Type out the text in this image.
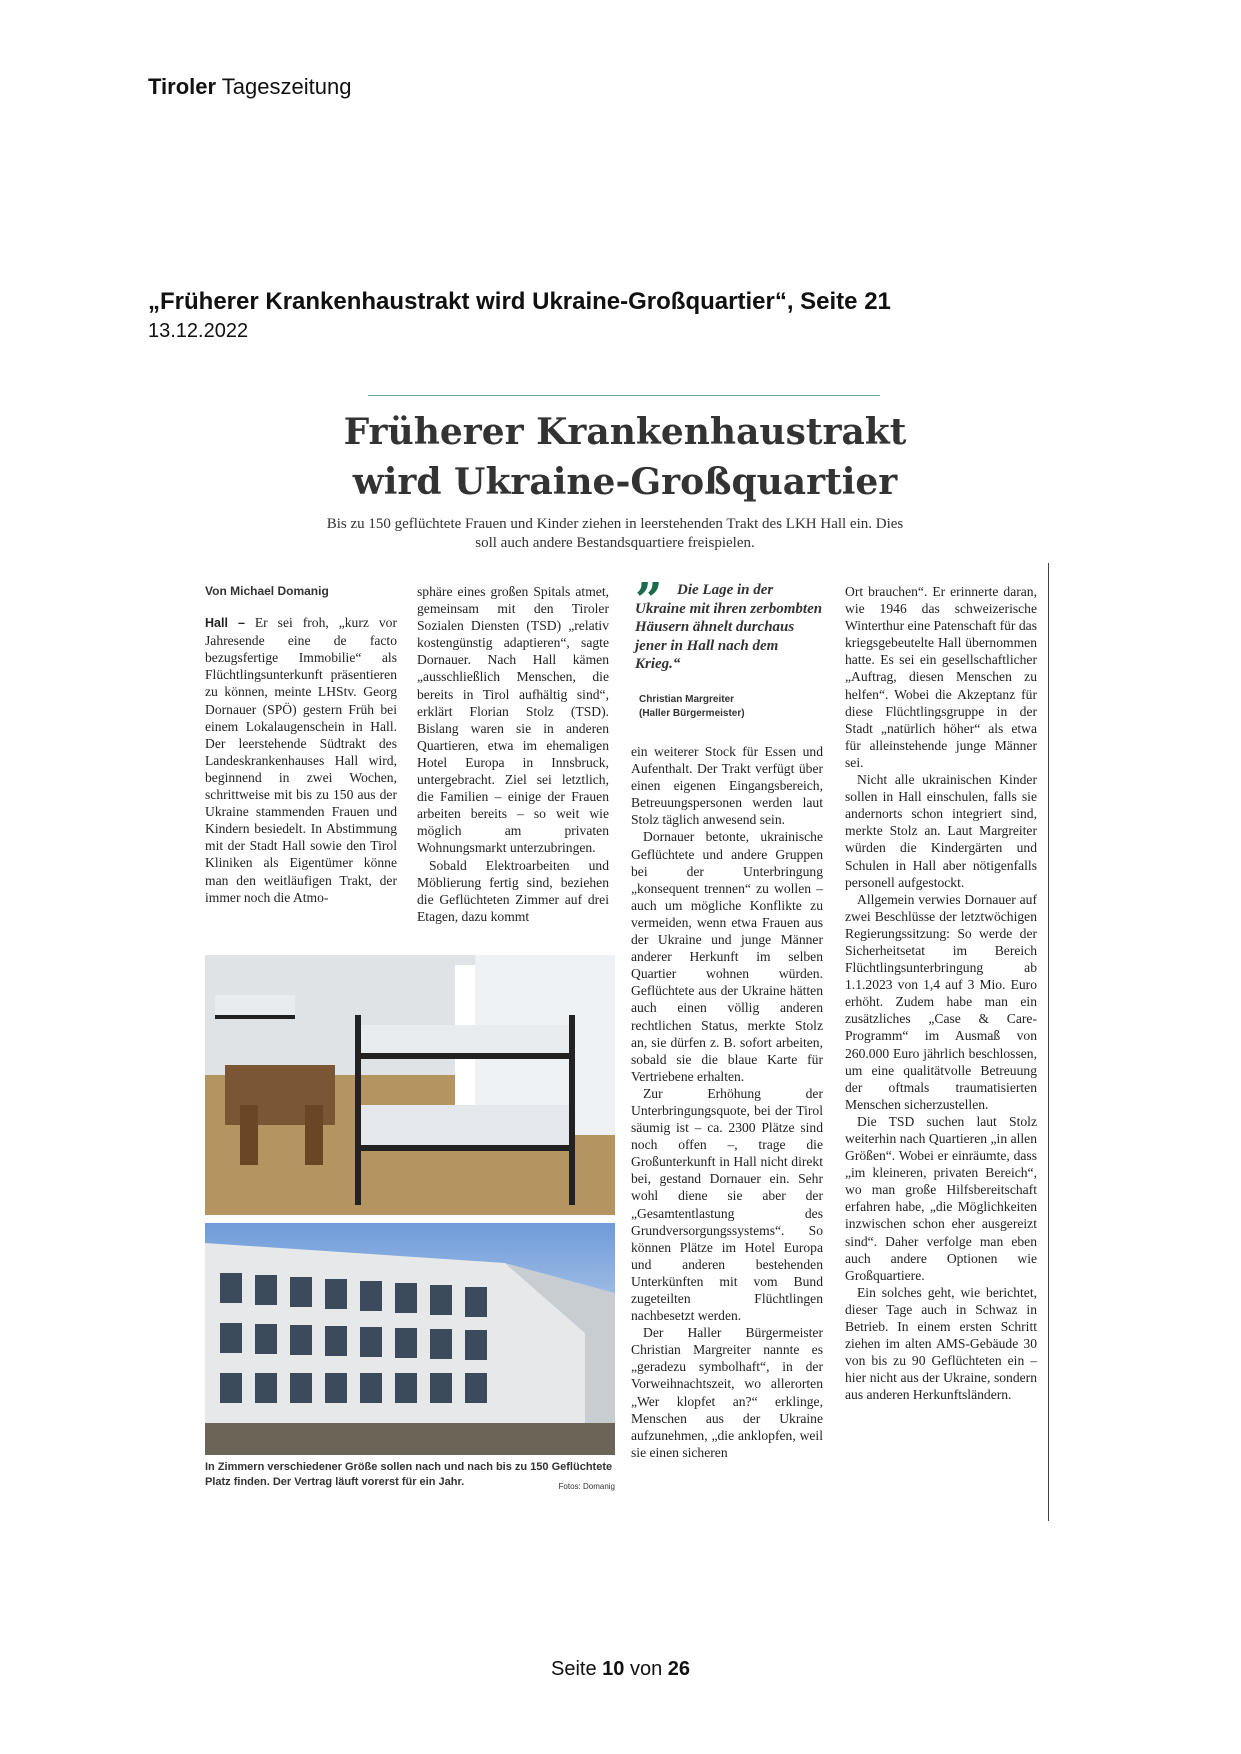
Tiroler Tageszeitung
„Früherer Krankenhaustrakt wird Ukraine-Großquartier“, Seite 21
13.12.2022
Früherer Krankenhaustrakt
wird Ukraine-Großquartier
Bis zu 150 geflüchtete Frauen und Kinder ziehen in leerstehenden Trakt des LKH Hall ein. Dies soll auch andere Bestandsquartiere freispielen.

Von Michael Domanig

Hall – Er sei froh, „kurz vor Jahresende eine de facto bezugsfertige Immobilie“ als Flüchtlingsunterkunft präsentieren zu können, meinte LHStv. Georg Dornauer (SPÖ) gestern Früh bei einem Lokalaugenschein in Hall. Der leerstehende Südtrakt des Landeskrankenhauses Hall wird, beginnend in zwei Wochen, schrittweise mit bis zu 150 aus der Ukraine stammenden Frauen und Kindern besiedelt. In Abstimmung mit der Stadt Hall sowie den Tirol Kliniken als Eigentümer könne man den weitläufigen Trakt, der immer noch die Atmo-

sphäre eines großen Spitals atmet, gemeinsam mit den Tiroler Sozialen Diensten (TSD) „relativ kostengünstig adaptieren“, sagte Dornauer. Nach Hall kämen „ausschließlich Menschen, die bereits in Tirol aufhältig sind“, erklärt Florian Stolz (TSD). Bislang waren sie in anderen Quartieren, etwa im ehemaligen Hotel Europa in Innsbruck, untergebracht. Ziel sei letztlich, die Familien – einige der Frauen arbeiten bereits – so weit wie möglich am privaten Wohnungsmarkt unterzubringen.

Sobald Elektroarbeiten und Möblierung fertig sind, beziehen die Geflüchteten Zimmer auf drei Etagen, dazu kommt

” Die Lage in der Ukraine mit ihren zerbombten Häusern ähnelt durchaus jener in Hall nach dem Krieg.“
Christian Margreiter
(Haller Bürgermeister)

ein weiterer Stock für Essen und Aufenthalt. Der Trakt verfügt über einen eigenen Eingangsbereich, Betreuungspersonen werden laut Stolz täglich anwesend sein.

Dornauer betonte, ukrainische Geflüchtete und andere Gruppen bei der Unterbringung „konsequent trennen“ zu wollen – auch um mögliche Konflikte zu vermeiden, wenn etwa Frauen aus der Ukraine und junge Männer anderer Herkunft im selben Quartier wohnen würden. Geflüchtete aus der Ukraine hätten auch einen völlig anderen rechtlichen Status, merkte Stolz an, sie dürfen z. B. sofort arbeiten, sobald sie die blaue Karte für Vertriebene erhalten.

Zur Erhöhung der Unterbringungsquote, bei der Tirol säumig ist – ca. 2300 Plätze sind noch offen –, trage die Großunterkunft in Hall nicht direkt bei, gestand Dornauer ein. Sehr wohl diene sie aber der „Gesamtentlastung des Grundversorgungssystems“. So können Plätze im Hotel Europa und anderen bestehenden Unterkünften mit vom Bund zugeteilten Flüchtlingen nachbesetzt werden.

Der Haller Bürgermeister Christian Margreiter nannte es „geradezu symbolhaft“, in der Vorweihnachtszeit, wo allerorten „Wer klopfet an?“ erklinge, Menschen aus der Ukraine aufzunehmen, „die anklopfen, weil sie einen sicheren

Ort brauchen“. Er erinnerte daran, wie 1946 das schweizerische Winterthur eine Patenschaft für das kriegsgebeutelte Hall übernommen hatte. Es sei ein gesellschaftlicher „Auftrag, diesen Menschen zu helfen“. Wobei die Akzeptanz für diese Flüchtlingsgruppe in der Stadt „natürlich höher“ als etwa für alleinstehende junge Männer sei.

Nicht alle ukrainischen Kinder sollen in Hall einschulen, falls sie andernorts schon integriert sind, merkte Stolz an. Laut Margreiter würden die Kindergärten und Schulen in Hall aber nötigenfalls personell aufgestockt.

Allgemein verwies Dornauer auf zwei Beschlüsse der letztwöchigen Regierungssitzung: So werde der Sicherheitsetat im Bereich Flüchtlingsunterbringung ab 1.1.2023 von 1,4 auf 3 Mio. Euro erhöht. Zudem habe man ein zusätzliches „Case & Care-Programm“ im Ausmaß von 260.000 Euro jährlich beschlossen, um eine qualitätvolle Betreuung der oftmals traumatisierten Menschen sicherzustellen.

Die TSD suchen laut Stolz weiterhin nach Quartieren „in allen Größen“. Wobei er einräumte, dass „im kleineren, privaten Bereich“, wo man große Hilfsbereitschaft erfahren habe, „die Möglichkeiten inzwischen schon eher ausgereizt sind“. Daher verfolge man eben auch andere Optionen wie Großquartiere.

Ein solches geht, wie berichtet, dieser Tage auch in Schwaz in Betrieb. In einem ersten Schritt ziehen im alten AMS-Gebäude 30 von bis zu 90 Geflüchteten ein – hier nicht aus der Ukraine, sondern aus anderen Herkunftsländern.

In Zimmern verschiedener Größe sollen nach und nach bis zu 150 Geflüchtete Platz finden. Der Vertrag läuft vorerst für ein Jahr.	Fotos: Domanig
Seite 10 von 26
